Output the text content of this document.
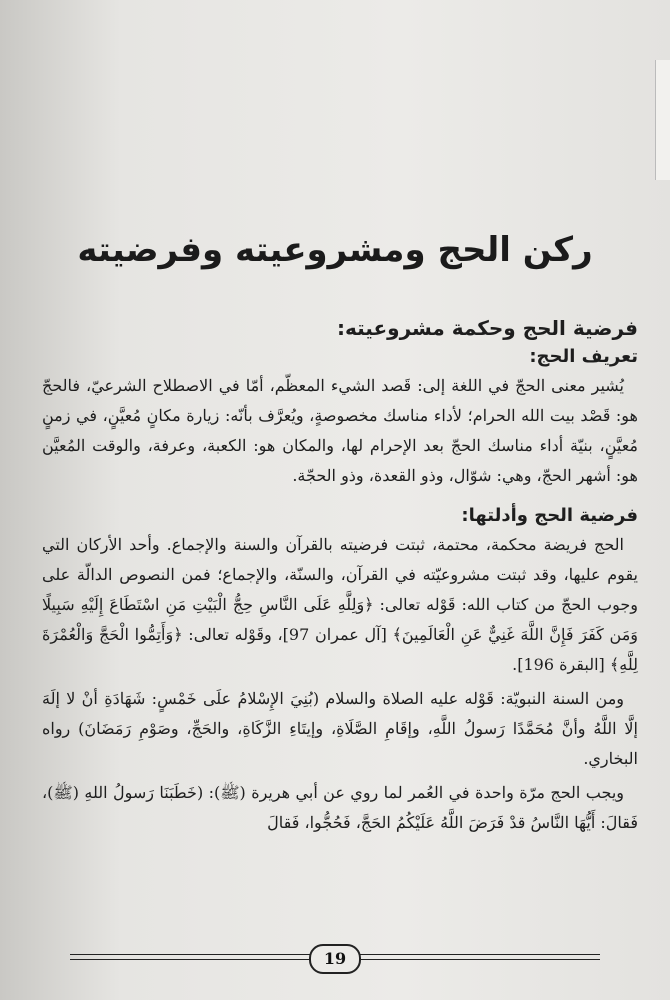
ركن الحج ومشروعيته وفرضيته
فرضية الحج وحكمة مشروعيته:
تعريف الحج:

يُشير معنى الحجّ في اللغة إلى: قَصد الشيء المعظّم، أمّا في الاصطلاح الشرعيّ، فالحجّ هو: قَصْد بيت الله الحرام؛ لأداء مناسك مخصوصةٍ، ويُعرَّف بأنّه: زيارة مكانٍ مُعيَّنٍ، في زمنٍ مُعيَّنٍ، بنيّة أداء مناسك الحجّ بعد الإحرام لها، والمكان هو: الكعبة، وعرفة، والوقت المُعيَّن هو: أشهر الحجّ، وهي: شوّال، وذو القعدة، وذو الحجّة.

فرضية الحج وأدلتها:

الحج فريضة محكمة، محتمة، ثبتت فرضيته بالقرآن والسنة والإجماع. وأحد الأركان التي يقوم عليها، وقد ثبتت مشروعيّته في القرآن، والسنّة، والإجماع؛ فمن النصوص الدالّة على وجوب الحجّ من كتاب الله: قَوْله تعالى: ﴿وَلِلَّهِ عَلَى النَّاسِ حِجُّ الْبَيْتِ مَنِ اسْتَطَاعَ إِلَيْهِ سَبِيلًا وَمَن كَفَرَ فَإِنَّ اللَّهَ غَنِيٌّ عَنِ الْعَالَمِينَ﴾ [آل عمران 97]، وقَوْله تعالى: ﴿وَأَتِمُّوا الْحَجَّ وَالْعُمْرَةَ لِلَّهِ﴾ [البقرة 196].

ومن السنة النبويّة: قَوْله عليه الصلاة والسلام (بُنِيَ الإِسْلامُ علَى خَمْسٍ: شَهَادَةِ أنْ لا إلَهَ إلَّا اللَّهُ وأنَّ مُحَمَّدًا رَسولُ اللَّهِ، وإقَامِ الصَّلَاةِ، وإيتَاءِ الزَّكَاةِ، والحَجِّ، وصَوْمِ رَمَضَانَ) رواه البخاري.

ويجب الحج مرّة واحدة في العُمر لما روي عن أبي هريرة (ﷺ): (خَطَبَنَا رَسولُ اللهِ (ﷺ)، فَقالَ: أَيُّهَا النَّاسُ قدْ فَرَضَ اللَّهُ عَلَيْكُمُ الحَجَّ، فَحُجُّوا، فَقالَ

19
